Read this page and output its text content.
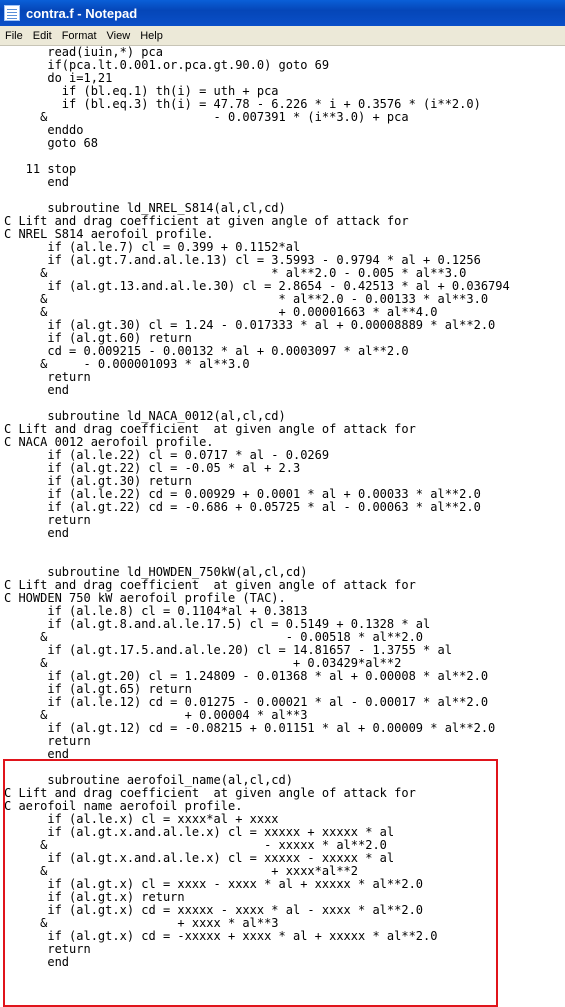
contra.f - Notepad
File Edit Format View Help
read(iuin,*) pca
if(pca.lt.0.001.or.pca.gt.90.0) goto 69
do i=1,21
if (bl.eq.1) th(i) = uth + pca
if (bl.eq.3) th(i) = 47.78 - 6.226 * i + 0.3576 * (i**2.0)
&                       - 0.007391 * (i**3.0) + pca
enddo
goto 68
11 stop
end
subroutine ld_NREL_S814(al,cl,cd)
C Lift and drag coefficient at given angle of attack for
C NREL S814 aerofoil profile.
if (al.le.7) cl = 0.399 + 0.1152*al
if (al.gt.7.and.al.le.13) cl = 3.5993 - 0.9794 * al + 0.1256
&                               * al**2.0 - 0.005 * al**3.0
if (al.gt.13.and.al.le.30) cl = 2.8654 - 0.42513 * al + 0.036794
&                                * al**2.0 - 0.00133 * al**3.0
&                                + 0.00001663 * al**4.0
if (al.gt.30) cl = 1.24 - 0.017333 * al + 0.00008889 * al**2.0
if (al.gt.60) return
cd = 0.009215 - 0.00132 * al + 0.0003097 * al**2.0
&     - 0.000001093 * al**3.0
return
end
subroutine ld_NACA_0012(al,cl,cd)
C Lift and drag coefficient  at given angle of attack for
C NACA 0012 aerofoil profile.
if (al.le.22) cl = 0.0717 * al - 0.0269
if (al.gt.22) cl = -0.05 * al + 2.3
if (al.gt.30) return
if (al.le.22) cd = 0.00929 + 0.0001 * al + 0.00033 * al**2.0
if (al.gt.22) cd = -0.686 + 0.05725 * al - 0.00063 * al**2.0
return
end
subroutine ld_HOWDEN_750kW(al,cl,cd)
C Lift and drag coefficient  at given angle of attack for
C HOWDEN 750 kW aerofoil profile (TAC).
if (al.le.8) cl = 0.1104*al + 0.3813
if (al.gt.8.and.al.le.17.5) cl = 0.5149 + 0.1328 * al
&                                 - 0.00518 * al**2.0
if (al.gt.17.5.and.al.le.20) cl = 14.81657 - 1.3755 * al
&                                  + 0.03429*al**2
if (al.gt.20) cl = 1.24809 - 0.01368 * al + 0.00008 * al**2.0
if (al.gt.65) return
if (al.le.12) cd = 0.01275 - 0.00021 * al - 0.00017 * al**2.0
&                   + 0.00004 * al**3
if (al.gt.12) cd = -0.08215 + 0.01151 * al + 0.00009 * al**2.0
return
end
subroutine aerofoil_name(al,cl,cd)
C Lift and drag coefficient  at given angle of attack for
C aerofoil name aerofoil profile.
if (al.le.x) cl = xxxx*al + xxxx
if (al.gt.x.and.al.le.x) cl = xxxxx + xxxxx * al
&                              - xxxxx * al**2.0
if (al.gt.x.and.al.le.x) cl = xxxxx - xxxxx * al
&                               + xxxx*al**2
if (al.gt.x) cl = xxxx - xxxx * al + xxxxx * al**2.0
if (al.gt.x) return
if (al.gt.x) cd = xxxxx - xxxx * al - xxxx * al**2.0
&                  + xxxx * al**3
if (al.gt.x) cd = -xxxxx + xxxx * al + xxxxx * al**2.0
return
end
